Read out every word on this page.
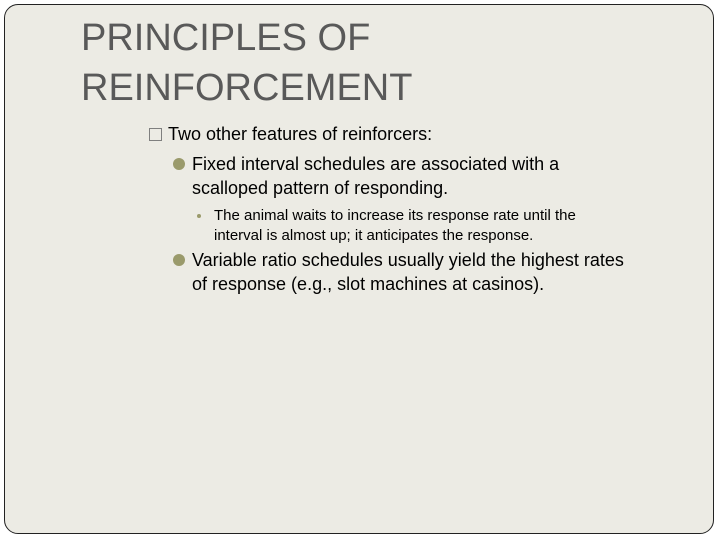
PRINCIPLES OF
REINFORCEMENT
Two other features of reinforcers:
Fixed interval schedules are associated with a
scalloped pattern of responding.
The animal waits to increase its response rate until the
interval is almost up; it anticipates the response.
Variable ratio schedules usually yield the highest rates
of response (e.g., slot machines at casinos).
